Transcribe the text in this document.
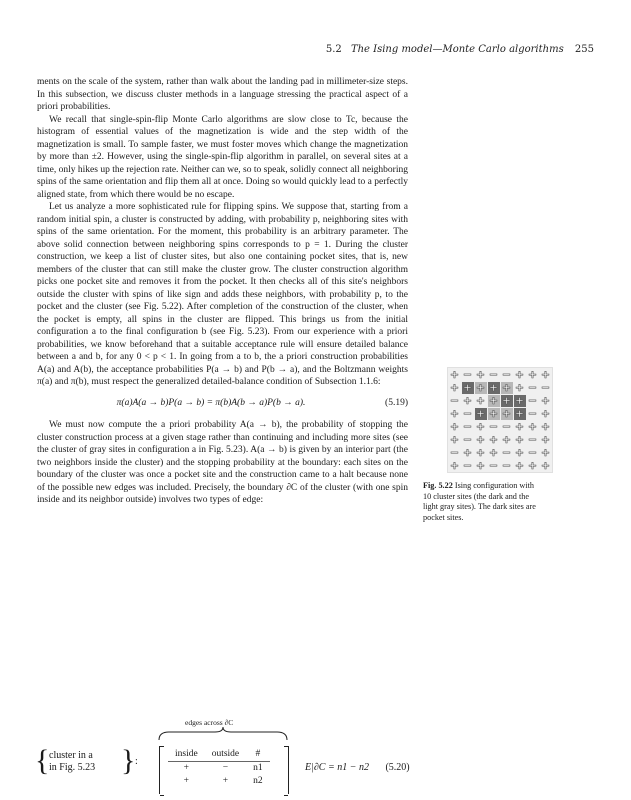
5.2 The Ising model—Monte Carlo algorithms 255

ments on the scale of the system, rather than walk about the landing pad in millimeter-size steps. In this subsection, we discuss cluster methods in a language stressing the practical aspect of a priori probabilities.

We recall that single-spin-flip Monte Carlo algorithms are slow close to Tc, because the histogram of essential values of the magnetization is wide and the step width of the magnetization is small. To sample faster, we must foster moves which change the magnetization by more than ±2. However, using the single-spin-flip algorithm in parallel, on several sites at a time, only hikes up the rejection rate. Neither can we, so to speak, solidly connect all neighboring spins of the same orientation and flip them all at once. Doing so would quickly lead to a perfectly aligned state, from which there would be no escape.

Let us analyze a more sophisticated rule for flipping spins. We suppose that, starting from a random initial spin, a cluster is constructed by adding, with probability p, neighboring sites with spins of the same orientation. For the moment, this probability is an arbitrary parameter. The above solid connection between neighboring spins corresponds to p = 1. During the cluster construction, we keep a list of cluster sites, but also one containing pocket sites, that is, new members of the cluster that can still make the cluster grow. The cluster construction algorithm picks one pocket site and removes it from the pocket. It then checks all of this site's neighbors outside the cluster with spins of like sign and adds these neighbors, with probability p, to the pocket and the cluster (see Fig. 5.22). After completion of the construction of the cluster, when the pocket is empty, all spins in the cluster are flipped. This brings us from the initial configuration a to the final configuration b (see Fig. 5.23). From our experience with a priori probabilities, we know beforehand that a suitable acceptance rule will ensure detailed balance between a and b, for any 0 < p < 1. In going from a to b, the a priori construction probabilities A(a) and A(b), the acceptance probabilities P(a → b) and P(b → a), and the Boltzmann weights π(a) and π(b), must respect the generalized detailed-balance condition of Subsection 1.1.6:

π(a)A(a → b)P(a → b) = π(b)A(b → a)P(b → a).	(5.19)

We must now compute the a priori probability A(a → b), the probability of stopping the cluster construction process at a given stage rather than continuing and including more sites (see the cluster of gray sites in configuration a in Fig. 5.23). A(a → b) is given by an interior part (the two neighbors inside the cluster) and the stopping probability at the boundary: each sites on the boundary of the cluster was once a pocket site and the construction came to a halt because none of the possible new edges was included. Precisely, the boundary ∂C of the cluster (with one spin inside and its neighbor outside) involves two types of edge:

+ − + − − + + +
+ + + + + + − −
− + + + + + − +
+ − + + + + − +
+ − + − − + + +
+ − + + + + − +
− + + + − + − +
+ − + − − + + +
Fig. 5.22 Ising configuration with 10 cluster sites (the dark and the light gray sites). The dark sites are pocket sites.
edges across ∂C
{ cluster in a
in Fig. 5.23 } :
inside	outside	#
+	−	n1
+	+	n2
E|∂C = n1 − n2 (5.20)
